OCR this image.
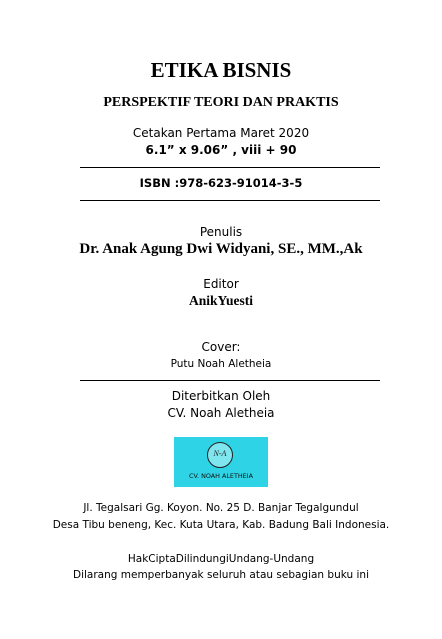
ETIKA BISNIS
PERSPEKTIF TEORI DAN PRAKTIS
Cetakan Pertama Maret 2020
6.1” x 9.06” , viii + 90
ISBN :978-623-91014-3-5
Penulis
Dr. Anak Agung Dwi Widyani, SE., MM.,Ak
Editor
AnikYuesti
Cover:
Putu Noah Aletheia
Diterbitkan Oleh
CV. Noah Aletheia
N-A
CV. NOAH ALETHEIA
Jl. Tegalsari Gg. Koyon. No. 25 D. Banjar Tegalgundul
Desa Tibu beneng, Kec. Kuta Utara, Kab. Badung Bali Indonesia.
HakCiptaDilindungiUndang-Undang
Dilarang memperbanyak seluruh atau sebagian buku ini
